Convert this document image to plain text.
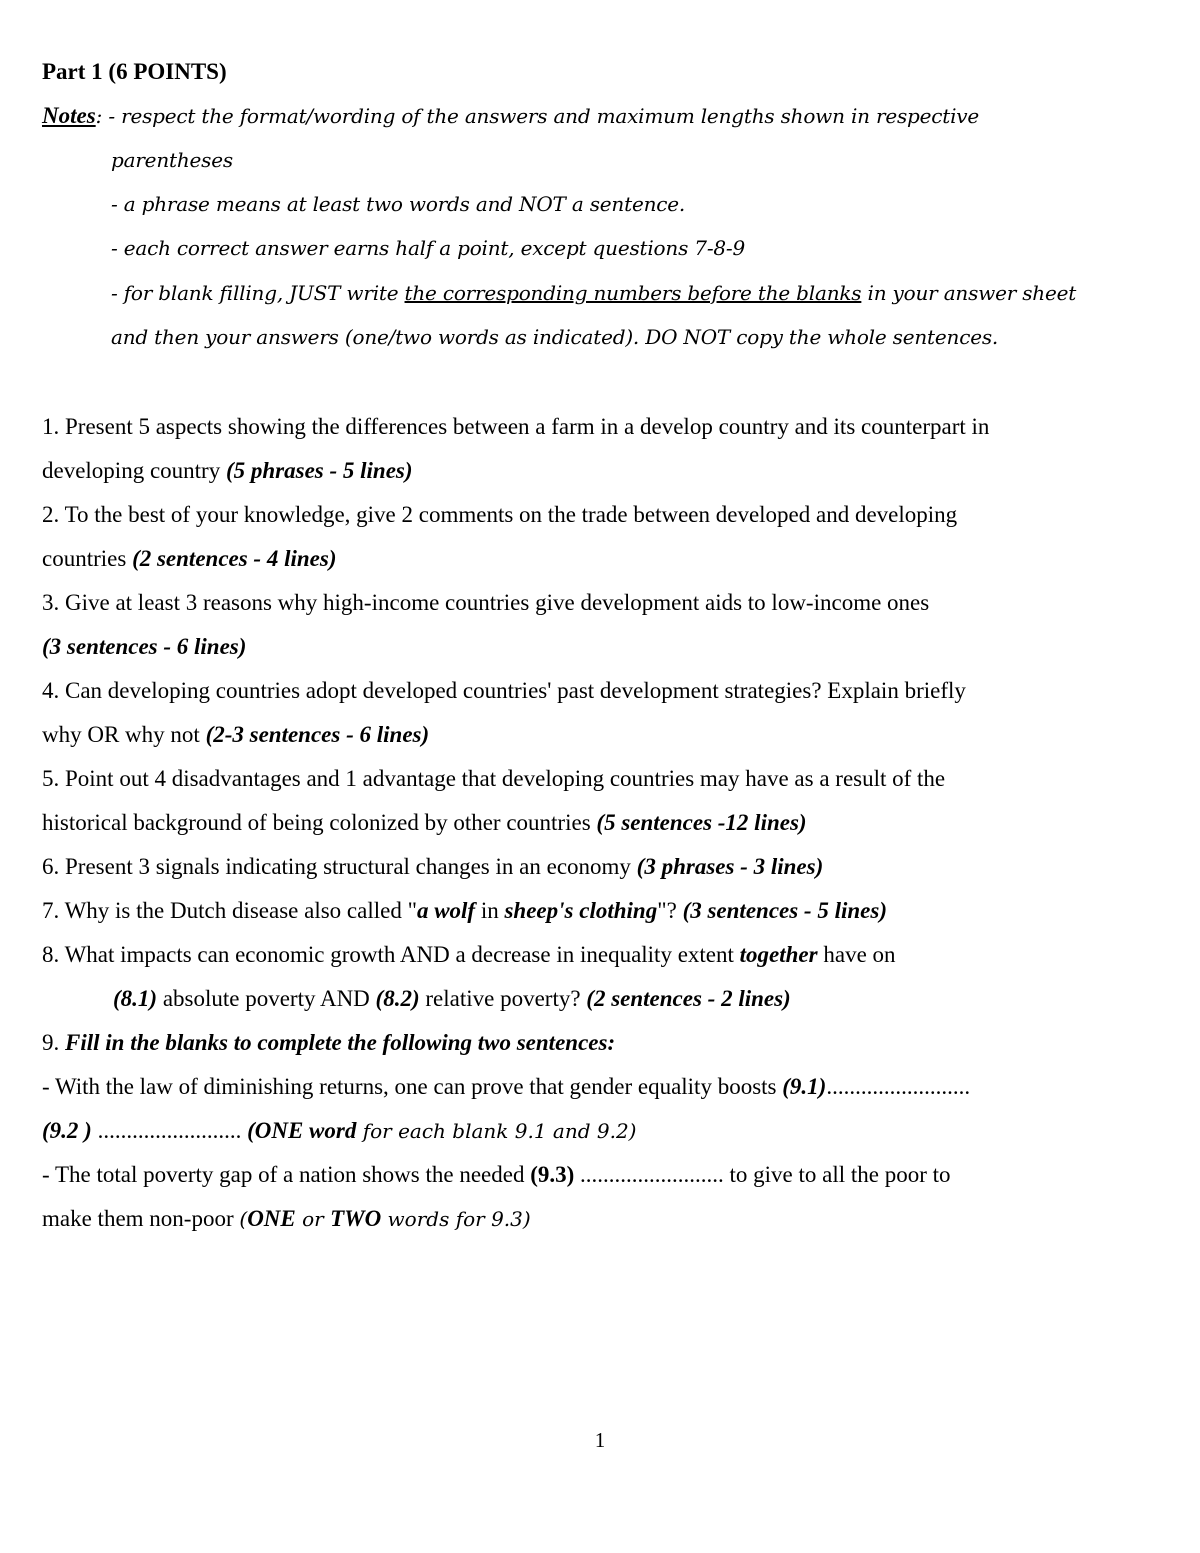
Part 1 (6 POINTS)
Notes: - respect the format/wording of the answers and maximum lengths shown in respective
parentheses
- a phrase means at least two words and NOT a sentence.
- each correct answer earns half a point, except questions 7-8-9
- for blank filling, JUST write the corresponding numbers before the blanks in your answer sheet
and then your answers (one/two words as indicated). DO NOT copy the whole sentences.
1. Present 5 aspects showing the differences between a farm in a develop country and its counterpart in
developing country (5 phrases - 5 lines)
2. To the best of your knowledge, give 2 comments on the trade between developed and developing
countries (2 sentences - 4 lines)
3. Give at least 3 reasons why high-income countries give development aids to low-income ones
(3 sentences - 6 lines)
4. Can developing countries adopt developed countries' past development strategies? Explain briefly
why OR why not (2-3 sentences - 6 lines)
5. Point out 4 disadvantages and 1 advantage that developing countries may have as a result of the
historical background of being colonized by other countries (5 sentences -12 lines)
6. Present 3 signals indicating structural changes in an economy (3 phrases - 3 lines)
7. Why is the Dutch disease also called "a wolf in sheep's clothing"? (3 sentences - 5 lines)
8. What impacts can economic growth AND a decrease in inequality extent together have on
(8.1) absolute poverty AND (8.2) relative poverty? (2 sentences - 2 lines)
9. Fill in the blanks to complete the following two sentences:
- With the law of diminishing returns, one can prove that gender equality boosts (9.1).........................
(9.2 ) ......................... (ONE word for each blank 9.1 and 9.2)
- The total poverty gap of a nation shows the needed (9.3) ......................... to give to all the poor to
make them non-poor (ONE or TWO words for 9.3)
1
